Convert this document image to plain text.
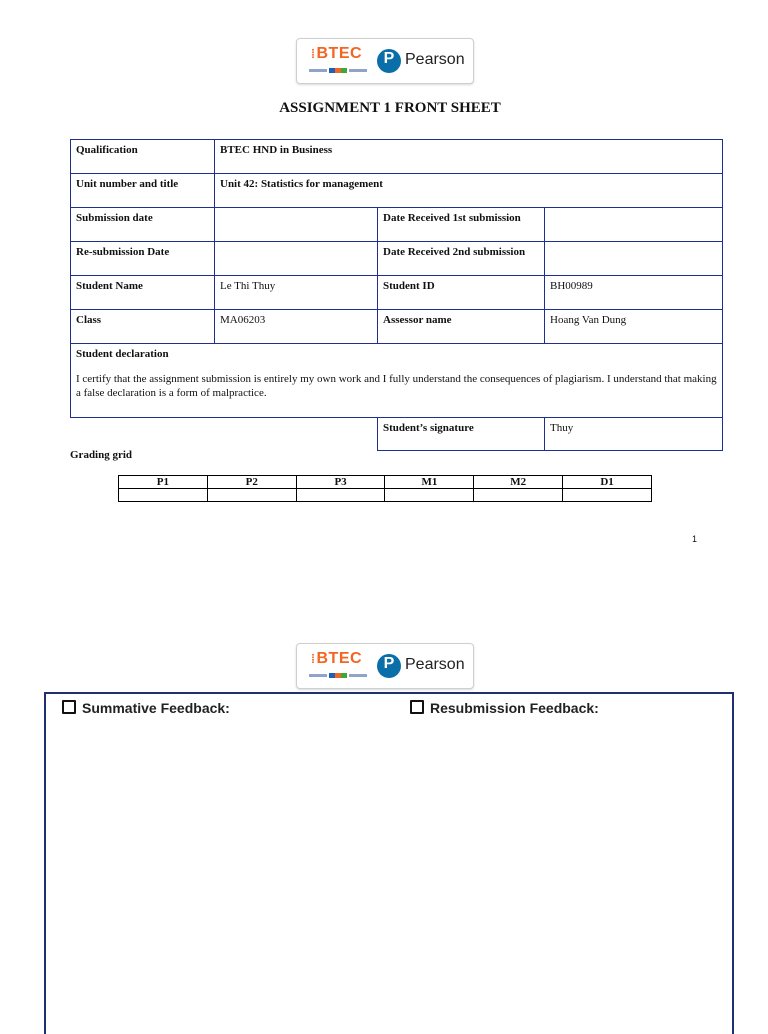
⁞BTEC P	Pearson
ASSIGNMENT 1 FRONT SHEET
Qualification	BTEC HND in Business		
Unit number and title	Unit 42: Statistics for management		
Submission date		Date Received 1st submission	
Re-submission Date		Date Received 2nd submission	
Student Name	Le Thi Thuy	Student ID	BH00989
Class	MA06203	Assessor name	Hoang Van Dung

Student declaration
I certify that the assignment submission is entirely my own work and I fully understand the consequences of plagiarism. I understand that making a false declaration is a form of malpractice.			

		Student’s signature	Thuy
Grading grid
P1	P2	P3	M1	M2	D1

1
⁞BTEC P	Pearson
Summative Feedback:	Resubmission Feedback:
